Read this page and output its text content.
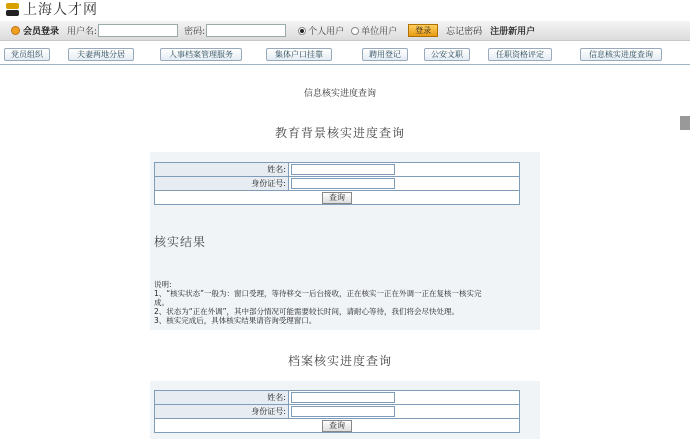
上海人才网
会员登录 用户名:	密码:	个人用户 单位用户	登录	忘记密码 注册新用户
党员组织	夫妻两地分居	人事档案管理服务	集体户口挂靠	聘用登记	公安文职	任职资格评定	信息核实进度查询
信息核实进度查询
教育背景核实进度查询
姓名:	
身份证号:	
查询	
核实结果
说明:
1、“核实状态”一般为：窗口受理，等待移交一后台接收，正在核实一正在外调一正在复核一核实完
成。
2、状态为“正在外调”，其中部分情况可能需要较长时间，请耐心等待，我们将会尽快处理。
3、核实完成后，具体核实结果请咨询受理窗口。
档案核实进度查询
姓名:	
身份证号:	
查询	
